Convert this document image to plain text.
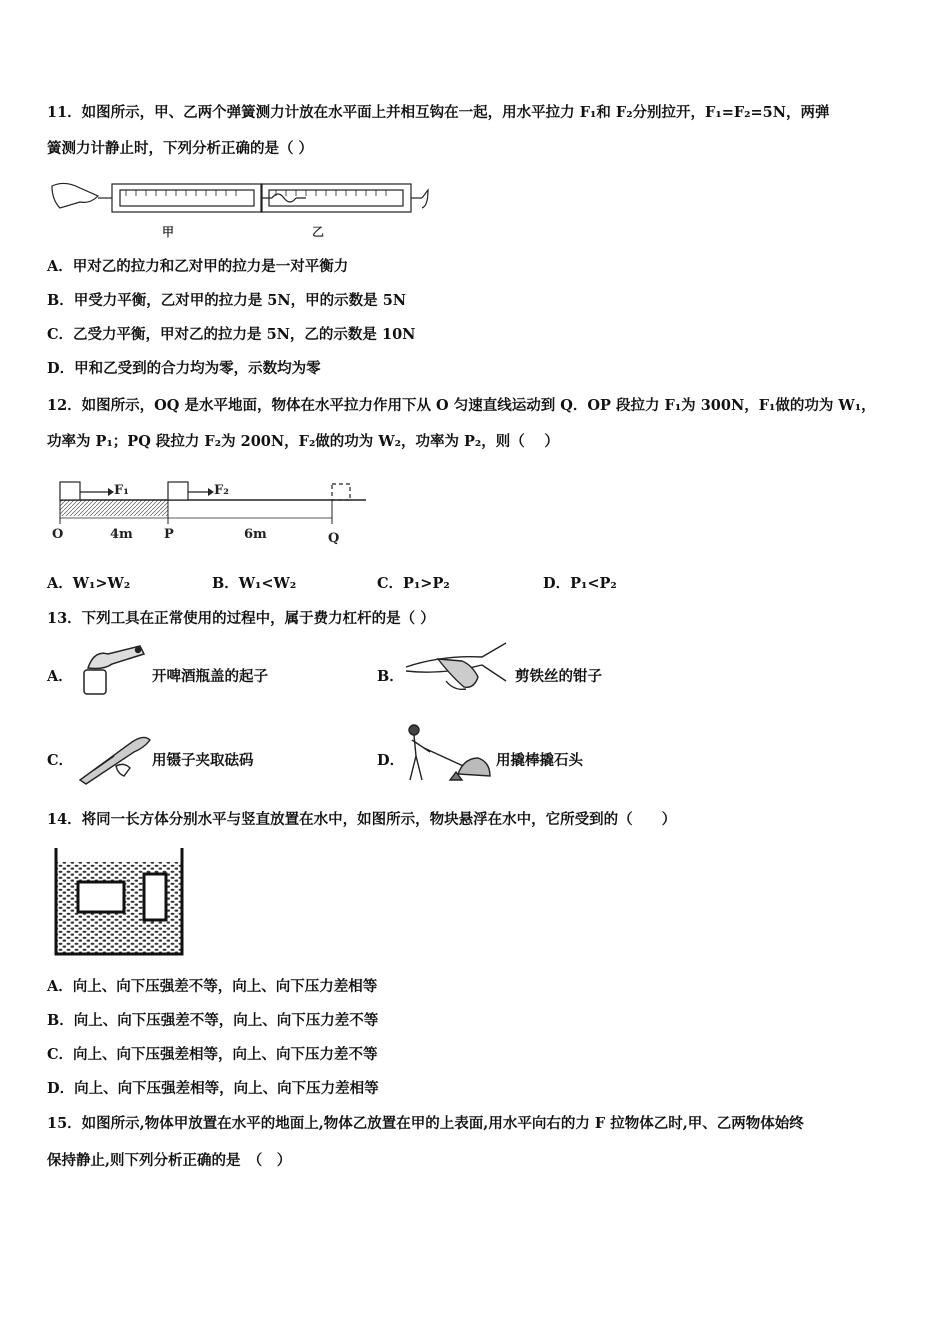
11．如图所示，甲、乙两个弹簧测力计放在水平面上并相互钩在一起，用水平拉力 F₁和 F₂分别拉开，F₁=F₂=5N，两弹
簧测力计静止时，下列分析正确的是（ ）
甲	乙
A．甲对乙的拉力和乙对甲的拉力是一对平衡力
B．甲受力平衡，乙对甲的拉力是 5N，甲的示数是 5N
C．乙受力平衡，甲对乙的拉力是 5N，乙的示数是 10N
D．甲和乙受到的合力均为零，示数均为零
12．如图所示，OQ 是水平地面，物体在水平拉力作用下从 O 匀速直线运动到 Q．OP 段拉力 F₁为 300N，F₁做的功为 W₁，
功率为 P₁；PQ 段拉力 F₂为 200N，F₂做的功为 W₂，功率为 P₂，则（　 ）
F₁	F₂
4m	6m
O	P	Q
A．W₁>W₂	B．W₁<W₂	C．P₁>P₂	D．P₁<P₂
13．下列工具在正常使用的过程中，属于费力杠杆的是（ ）
A．	开啤酒瓶盖的起子	B．	剪铁丝的钳子
C．	用镊子夹取砝码	D．	用撬棒撬石头
14．将同一长方体分别水平与竖直放置在水中，如图所示，物块悬浮在水中，它所受到的（　　）
A．向上、向下压强差不等，向上、向下压力差相等
B．向上、向下压强差不等，向上、向下压力差不等
C．向上、向下压强差相等，向上、向下压力差不等
D．向上、向下压强差相等，向上、向下压力差相等
15．如图所示,物体甲放置在水平的地面上,物体乙放置在甲的上表面,用水平向右的力 F 拉物体乙时,甲、乙两物体始终
保持静止,则下列分析正确的是　（　）
